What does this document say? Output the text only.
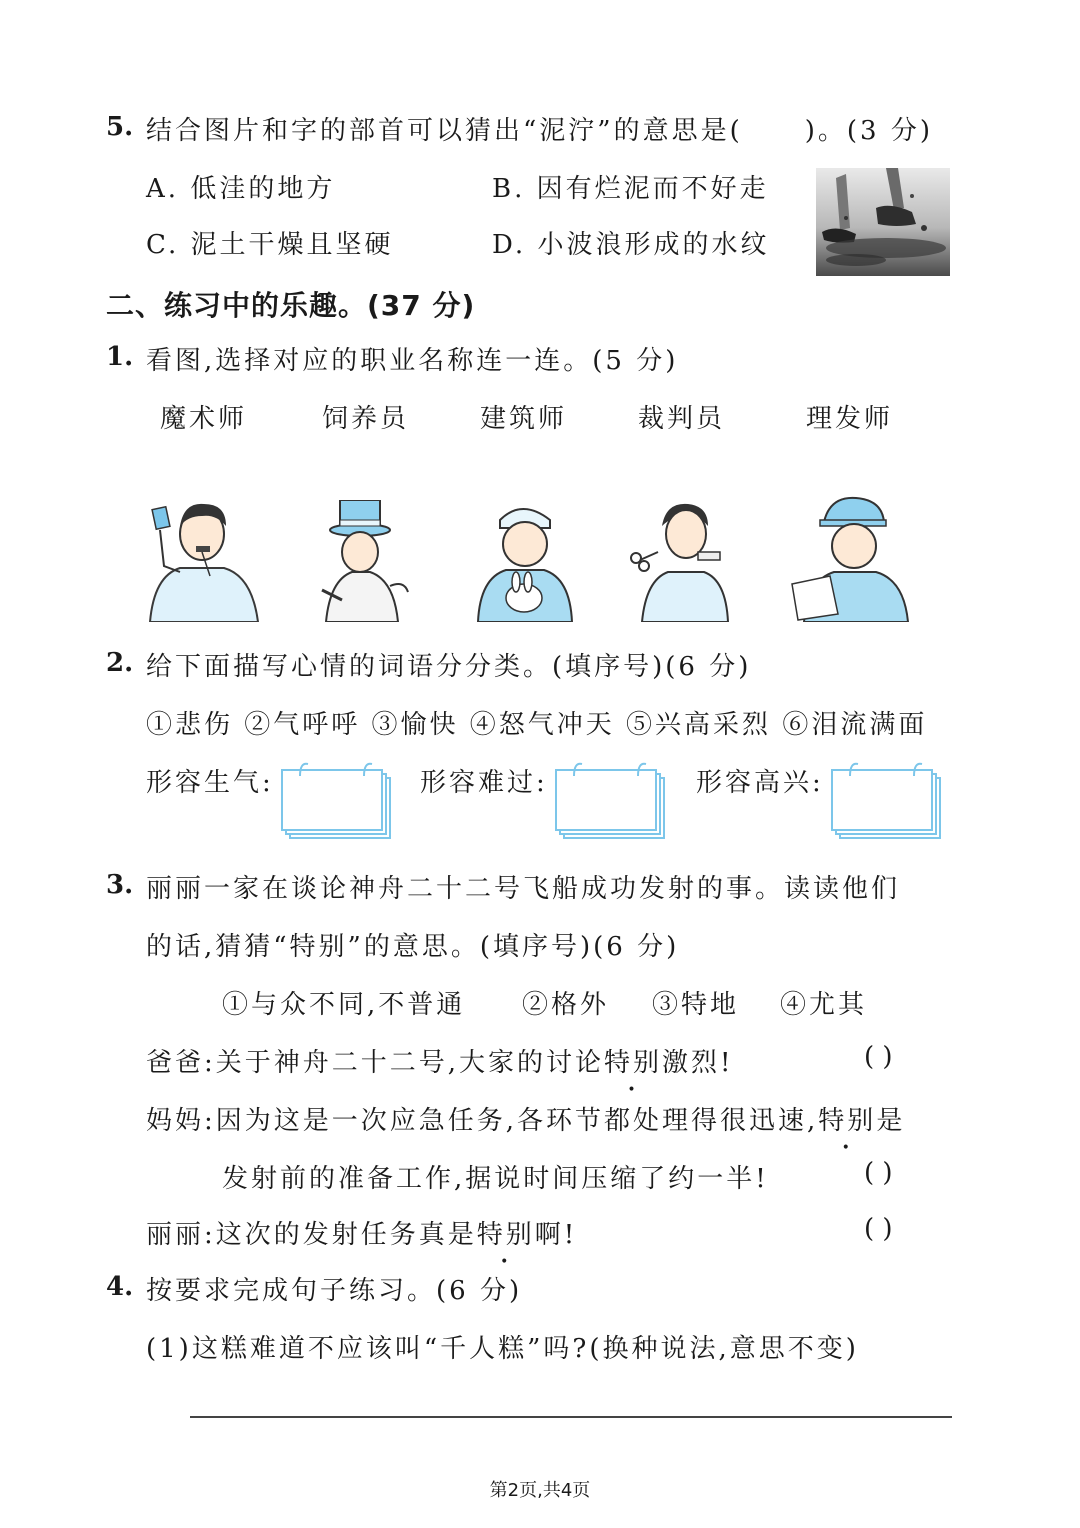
5. 结合图片和字的部首可以猜出“泥泞”的意思是( )。(3 分)
A. 低洼的地方	B. 因有烂泥而不好走
C. 泥土干燥且坚硬	D. 小波浪形成的水纹
二、练习中的乐趣。(37 分)
1. 看图,选择对应的职业名称连一连。(5 分)
魔术师	饲养员	建筑师	裁判员	理发师
2. 给下面描写心情的词语分分类。(填序号)(6 分)
①悲伤 ②气呼呼 ③愉快 ④怒气冲天 ⑤兴高采烈 ⑥泪流满面
形容生气:	形容难过:	形容高兴:
3. 丽丽一家在谈论神舟二十二号飞船成功发射的事。读读他们
的话,猜猜“特别”的意思。(填序号)(6 分)
①与众不同,不普通 ②格外 ③特地 ④尤其
爸爸:关于神舟二十二号,大家的讨论特别激烈!	( )
妈妈:因为这是一次应急任务,各环节都处理得很迅速,特别是
发射前的准备工作,据说时间压缩了约一半!	( )
丽丽:这次的发射任务真是特别啊!	( )
4. 按要求完成句子练习。(6 分)
(1)这糕难道不应该叫“千人糕”吗?(换种说法,意思不变)
第2页,共4页
